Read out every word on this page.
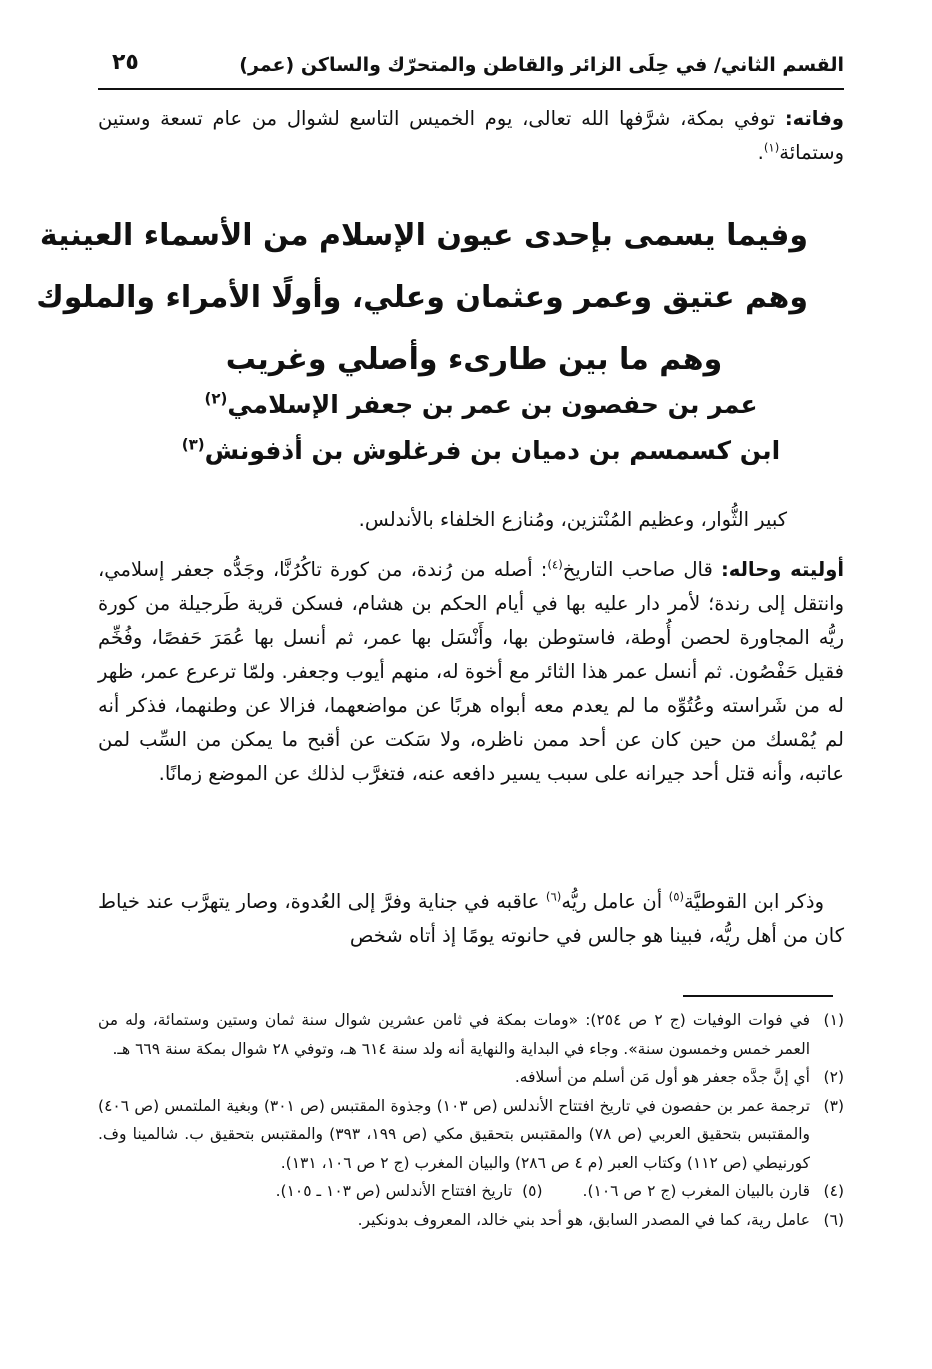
القسم الثاني/ في حِلَى الزائر والقاطن والمتحرّك والساكن (عمر)
٢٥
وفاته: توفي بمكة، شرَّفها الله تعالى، يوم الخميس التاسع لشوال من عام تسعة وستين وستمائة$^{(١)}$.
وفيما يسمى بإحدى عيون الإسلام من الأسماء العينية
وهم عتيق وعمر وعثمان وعلي، وأولًا الأمراء والملوك
وهم ما بين طارىء وأصلي وغريب
عمر بن حفصون بن عمر بن جعفر الإسلامي$^{(٢)}$
ابن كسمسم بن دميان بن فرغلوش بن أذفونش$^{(٣)}$
كبير الثُّوار، وعظيم المُنْتزين، ومُنازع الخلفاء بالأندلس.

أوليته وحاله: قال صاحب التاريخ$^{(٤)}$: أصله من رُندة، من كورة تاكُرُنَّا، وجَدُّه جعفر إسلامي، وانتقل إلى رندة؛ لأمر دار عليه بها في أيام الحكم بن هشام، فسكن قرية طَرجيلة من كورة ريُّه المجاورة لحصن أُوطة، فاستوطن بها، وأَنْسَل بها عمر، ثم أنسل بها عُمَرَ حَفصًا، وفُخِّم فقيل حَفْصُون. ثم أنسل عمر هذا الثائر مع أخوة له، منهم أيوب وجعفر. ولمّا ترعرع عمر، ظهر له من شَراسته وعُتُوِّه ما لم يعدم معه أبواه هربًا عن مواضعهما، فزالا عن وطنهما، فذكر أنه لم يُمْسك من حين كان عن أحد ممن ناظره، ولا سَكت عن أقبح ما يمكن من السِّب لمن عاتبه، وأنه قتل أحد جيرانه على سبب يسير دافعه عنه، فتغرَّب لذلك عن الموضع زمانًا.

وذكر ابن القوطيَّة$^{(٥)}$ أن عامل ريُّه$^{(٦)}$ عاقبه في جناية وفرَّ إلى العُدوة، وصار يتهرَّب عند خياط كان من أهل ريُّه، فبينا هو جالس في حانوته يومًا إذ أتاه شخص
(١)
في فوات الوفيات (ج ٢ ص ٢٥٤): «ومات بمكة في ثامن عشرين شوال سنة ثمان وستين وستمائة، وله من العمر خمس وخمسون سنة». وجاء في البداية والنهاية أنه ولد سنة ٦١٤ هـ، وتوفي ٢٨ شوال بمكة سنة ٦٦٩ هـ.
(٢)
أي إنَّ جدَّه جعفر هو أول مَن أسلم من أسلافه.
(٣)
ترجمة عمر بن حفصون في تاريخ افتتاح الأندلس (ص ١٠٣) وجذوة المقتبس (ص ٣٠١) وبغية الملتمس (ص ٤٠٦) والمقتبس بتحقيق العربي (ص ٧٨) والمقتبس بتحقيق مكي (ص ١٩٩، ٣٩٣) والمقتبس بتحقيق ب. شالمينا وف. كورنيطي (ص ١١٢) وكتاب العبر (م ٤ ص ٢٨٦) والبيان المغرب (ج ٢ ص ١٠٦، ١٣١).
(٤)
قارن بالبيان المغرب (ج ٢ ص ١٠٦).(٥)  تاريخ افتتاح الأندلس (ص ١٠٣ ـ ١٠٥).
(٦)
عامل رية، كما في المصدر السابق، هو أحد بني خالد، المعروف بدونكير.
